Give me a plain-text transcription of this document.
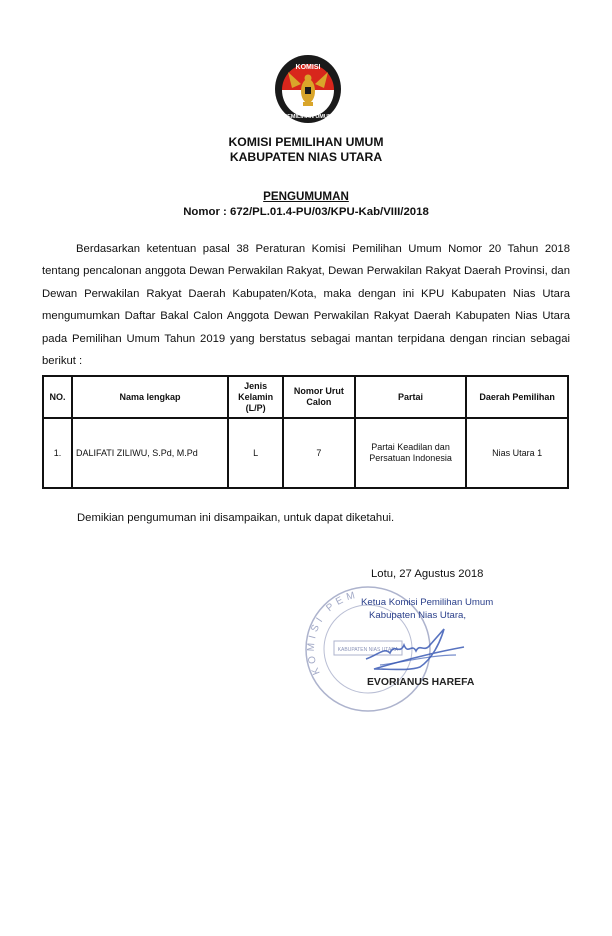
KOMISI
PEMILIHAN UMUM
KOMISI PEMILIHAN UMUM
KABUPATEN NIAS UTARA
PENGUMUMAN
Nomor : 672/PL.01.4-PU/03/KPU-Kab/VIII/2018
Berdasarkan ketentuan pasal 38 Peraturan Komisi Pemilihan Umum Nomor 20 Tahun 2018 tentang pencalonan anggota Dewan Perwakilan Rakyat, Dewan Perwakilan Rakyat Daerah Provinsi, dan Dewan Perwakilan Rakyat Daerah Kabupaten/Kota, maka dengan ini KPU Kabupaten Nias Utara mengumumkan Daftar Bakal Calon Anggota Dewan Perwakilan Rakyat Daerah Kabupaten Nias Utara pada Pemilihan Umum Tahun 2019 yang berstatus sebagai mantan terpidana dengan rincian sebagai berikut :
NO.	Nama lengkap	Jenis Kelamin (L/P)	Nomor Urut Calon	Partai	Daerah Pemilihan
1.	DALIFATI ZILIWU, S.Pd, M.Pd	L	7	Partai Keadilan dan Persatuan Indonesia	Nias Utara 1
Demikian pengumuman ini disampaikan, untuk dapat diketahui.
Lotu, 27 Agustus 2018
KOMISI PEM
KABUPATEN NIAS UTARA
Ketua Komisi Pemilihan Umum
Kabupaten Nias Utara,
EVORIANUS HAREFA
